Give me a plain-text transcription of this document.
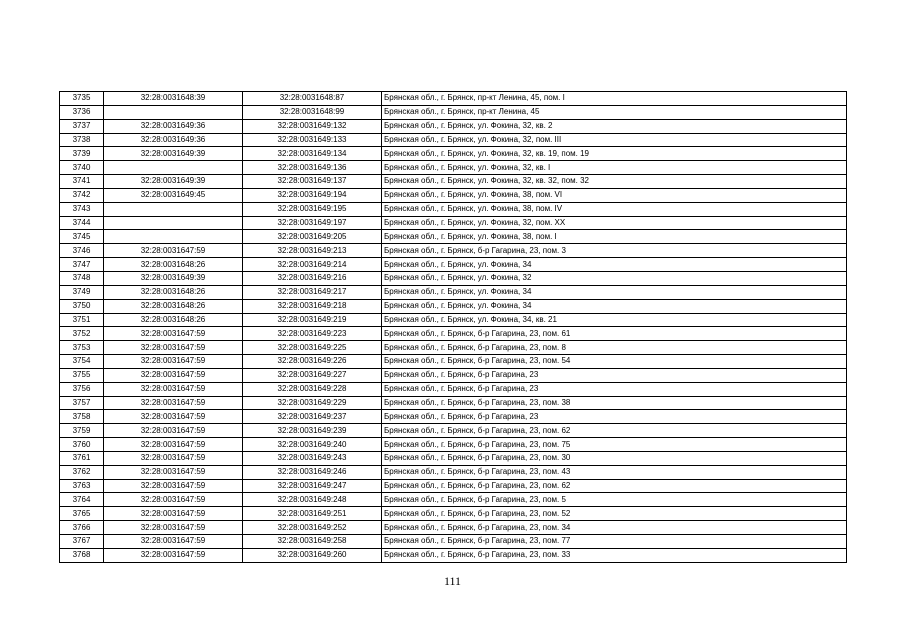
3735	32:28:0031648:39	32:28:0031648:87	Брянская обл., г. Брянск, пр-кт Ленина, 45, пом. I
3736		32:28:0031648:99	Брянская обл., г. Брянск, пр-кт Ленина, 45
3737	32:28:0031649:36	32:28:0031649:132	Брянская обл., г. Брянск, ул. Фокина, 32, кв. 2
3738	32:28:0031649:36	32:28:0031649:133	Брянская обл., г. Брянск, ул. Фокина, 32, пом. III
3739	32:28:0031649:39	32:28:0031649:134	Брянская обл., г. Брянск, ул. Фокина, 32, кв. 19, пом. 19
3740		32:28:0031649:136	Брянская обл., г. Брянск, ул. Фокина, 32, кв. I
3741	32:28:0031649:39	32:28:0031649:137	Брянская обл., г. Брянск, ул. Фокина, 32, кв. 32, пом. 32
3742	32:28:0031649:45	32:28:0031649:194	Брянская обл., г. Брянск, ул. Фокина, 38, пом. VI
3743		32:28:0031649:195	Брянская обл., г. Брянск, ул. Фокина, 38, пом. IV
3744		32:28:0031649:197	Брянская обл., г. Брянск, ул. Фокина, 32, пом. XX
3745		32:28:0031649:205	Брянская обл., г. Брянск, ул. Фокина, 38, пом. I
3746	32:28:0031647:59	32:28:0031649:213	Брянская обл., г. Брянск, б-р Гагарина, 23, пом. 3
3747	32:28:0031648:26	32:28:0031649:214	Брянская обл., г. Брянск, ул. Фокина, 34
3748	32:28:0031649:39	32:28:0031649:216	Брянская обл., г. Брянск, ул. Фокина, 32
3749	32:28:0031648:26	32:28:0031649:217	Брянская обл., г. Брянск, ул. Фокина, 34
3750	32:28:0031648:26	32:28:0031649:218	Брянская обл., г. Брянск, ул. Фокина, 34
3751	32:28:0031648:26	32:28:0031649:219	Брянская обл., г. Брянск, ул. Фокина, 34, кв. 21
3752	32:28:0031647:59	32:28:0031649:223	Брянская обл., г. Брянск, б-р Гагарина, 23, пом. 61
3753	32:28:0031647:59	32:28:0031649:225	Брянская обл., г. Брянск, б-р Гагарина, 23, пом. 8
3754	32:28:0031647:59	32:28:0031649:226	Брянская обл., г. Брянск, б-р Гагарина, 23, пом. 54
3755	32:28:0031647:59	32:28:0031649:227	Брянская обл., г. Брянск, б-р Гагарина, 23
3756	32:28:0031647:59	32:28:0031649:228	Брянская обл., г. Брянск, б-р Гагарина, 23
3757	32:28:0031647:59	32:28:0031649:229	Брянская обл., г. Брянск, б-р Гагарина, 23, пом. 38
3758	32:28:0031647:59	32:28:0031649:237	Брянская обл., г. Брянск, б-р Гагарина, 23
3759	32:28:0031647:59	32:28:0031649:239	Брянская обл., г. Брянск, б-р Гагарина, 23, пом. 62
3760	32:28:0031647:59	32:28:0031649:240	Брянская обл., г. Брянск, б-р Гагарина, 23, пом. 75
3761	32:28:0031647:59	32:28:0031649:243	Брянская обл., г. Брянск, б-р Гагарина, 23, пом. 30
3762	32:28:0031647:59	32:28:0031649:246	Брянская обл., г. Брянск, б-р Гагарина, 23, пом. 43
3763	32:28:0031647:59	32:28:0031649:247	Брянская обл., г. Брянск, б-р Гагарина, 23, пом. 62
3764	32:28:0031647:59	32:28:0031649:248	Брянская обл., г. Брянск, б-р Гагарина, 23, пом. 5
3765	32:28:0031647:59	32:28:0031649:251	Брянская обл., г. Брянск, б-р Гагарина, 23, пом. 52
3766	32:28:0031647:59	32:28:0031649:252	Брянская обл., г. Брянск, б-р Гагарина, 23, пом. 34
3767	32:28:0031647:59	32:28:0031649:258	Брянская обл., г. Брянск, б-р Гагарина, 23, пом. 77
3768	32:28:0031647:59	32:28:0031649:260	Брянская обл., г. Брянск, б-р Гагарина, 23, пом. 33
111
